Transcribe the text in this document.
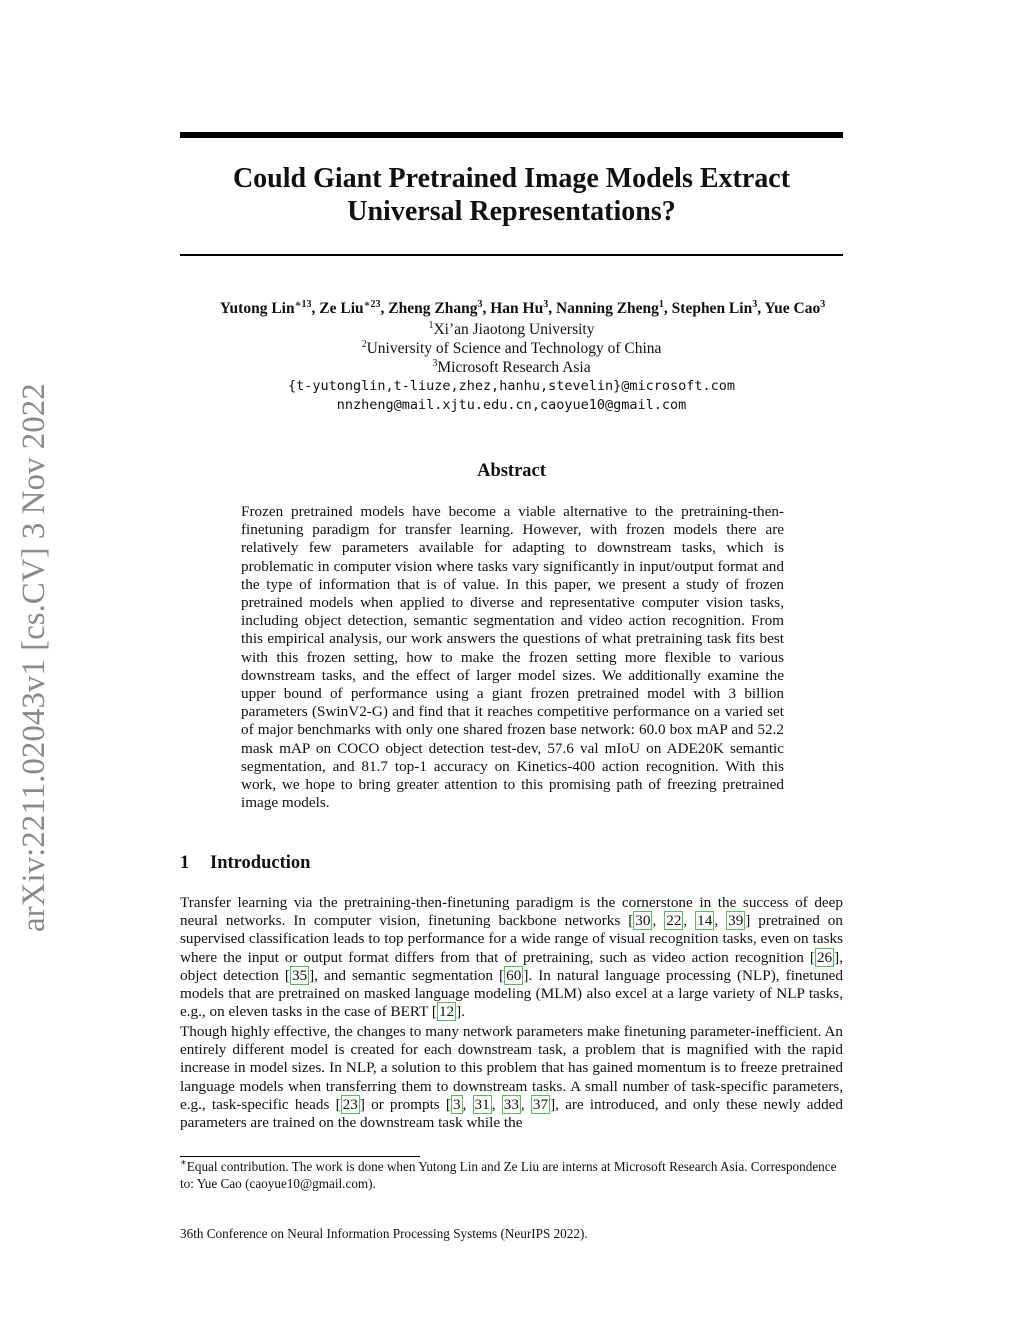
arXiv:2211.02043v1 [cs.CV] 3 Nov 2022
Could Giant Pretrained Image Models Extract
Universal Representations?
Yutong Lin$^{∗13}$, Ze Liu$^{∗23}$, Zheng Zhang$^3$, Han Hu$^3$, Nanning Zheng$^1$, Stephen Lin$^3$, Yue Cao$^3$
$^1$Xi’an Jiaotong University
$^2$University of Science and Technology of China
$^3$Microsoft Research Asia
{t-yutonglin,t-liuze,zhez,hanhu,stevelin}@microsoft.com
nnzheng@mail.xjtu.edu.cn,caoyue10@gmail.com
Abstract
Frozen pretrained models have become a viable alternative to the pretraining-then-finetuning paradigm for transfer learning. However, with frozen models there are relatively few parameters available for adapting to downstream tasks, which is problematic in computer vision where tasks vary significantly in input/output format and the type of information that is of value. In this paper, we present a study of frozen pretrained models when applied to diverse and representative computer vision tasks, including object detection, semantic segmentation and video action recognition. From this empirical analysis, our work answers the questions of what pretraining task fits best with this frozen setting, how to make the frozen setting more flexible to various downstream tasks, and the effect of larger model sizes. We additionally examine the upper bound of performance using a giant frozen pretrained model with 3 billion parameters (SwinV2-G) and find that it reaches competitive performance on a varied set of major benchmarks with only one shared frozen base network: 60.0 box mAP and 52.2 mask mAP on COCO object detection test-dev, 57.6 val mIoU on ADE20K semantic segmentation, and 81.7 top-1 accuracy on Kinetics-400 action recognition. With this work, we hope to bring greater attention to this promising path of freezing pretrained image models.
1 Introduction
Transfer learning via the pretraining-then-finetuning paradigm is the cornerstone in the success of deep neural networks. In computer vision, finetuning backbone networks [ 30 , 22 , 14 , 39 ] pretrained on supervised classification leads to top performance for a wide range of visual recognition tasks, even on tasks where the input or output format differs from that of pretraining, such as video action recognition [ 26 ], object detection [ 35 ], and semantic segmentation [ 60 ]. In natural language processing (NLP), finetuned models that are pretrained on masked language modeling (MLM) also excel at a large variety of NLP tasks, e.g., on eleven tasks in the case of BERT [ 12 ].
Though highly effective, the changes to many network parameters make finetuning parameter-inefficient. An entirely different model is created for each downstream task, a problem that is magnified with the rapid increase in model sizes. In NLP, a solution to this problem that has gained momentum is to freeze pretrained language models when transferring them to downstream tasks. A small number of task-specific parameters, e.g., task-specific heads [ 23 ] or prompts [ 3 , 31 , 33 , 37 ], are introduced, and only these newly added parameters are trained on the downstream task while the
∗Equal contribution. The work is done when Yutong Lin and Ze Liu are interns at Microsoft Research Asia. Correspondence to: Yue Cao (caoyue10@gmail.com).
36th Conference on Neural Information Processing Systems (NeurIPS 2022).
